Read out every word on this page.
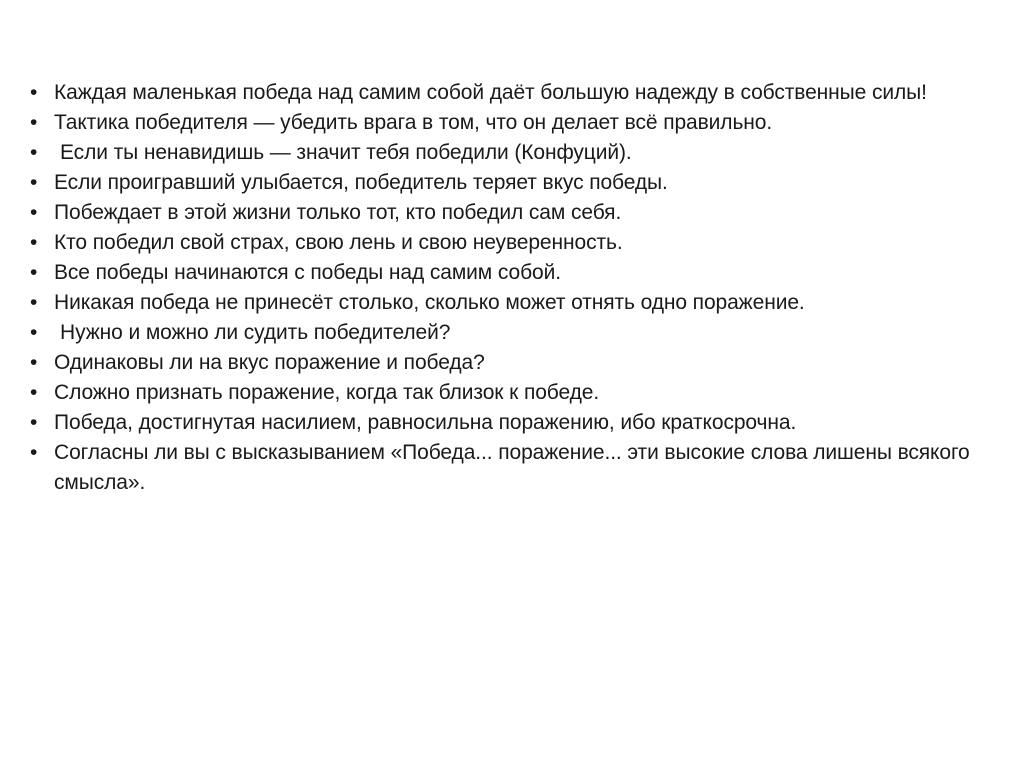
• Каждая маленькая победа над самим собой даёт большую надежду в собственные силы!
• Тактика победителя — убедить врага в том, что он делает всё правильно.
•	Если ты ненавидишь — значит тебя победили (Конфуций).
• Если проигравший улыбается, победитель теряет вкус победы.
• Побеждает в этой жизни только тот, кто победил сам себя.
• Кто победил свой страх, свою лень и свою неуверенность.
• Все победы начинаются с победы над самим собой.
• Никакая победа не принесёт столько, сколько может отнять одно поражение.
•	Нужно и можно ли судить победителей?
• Одинаковы ли на вкус поражение и победа?
• Сложно признать поражение, когда так близок к победе.
• Победа, достигнутая насилием, равносильна поражению, ибо краткосрочна.
• Согласны ли вы с высказыванием «Победа... поражение... эти высокие слова лишены всякого смысла».
